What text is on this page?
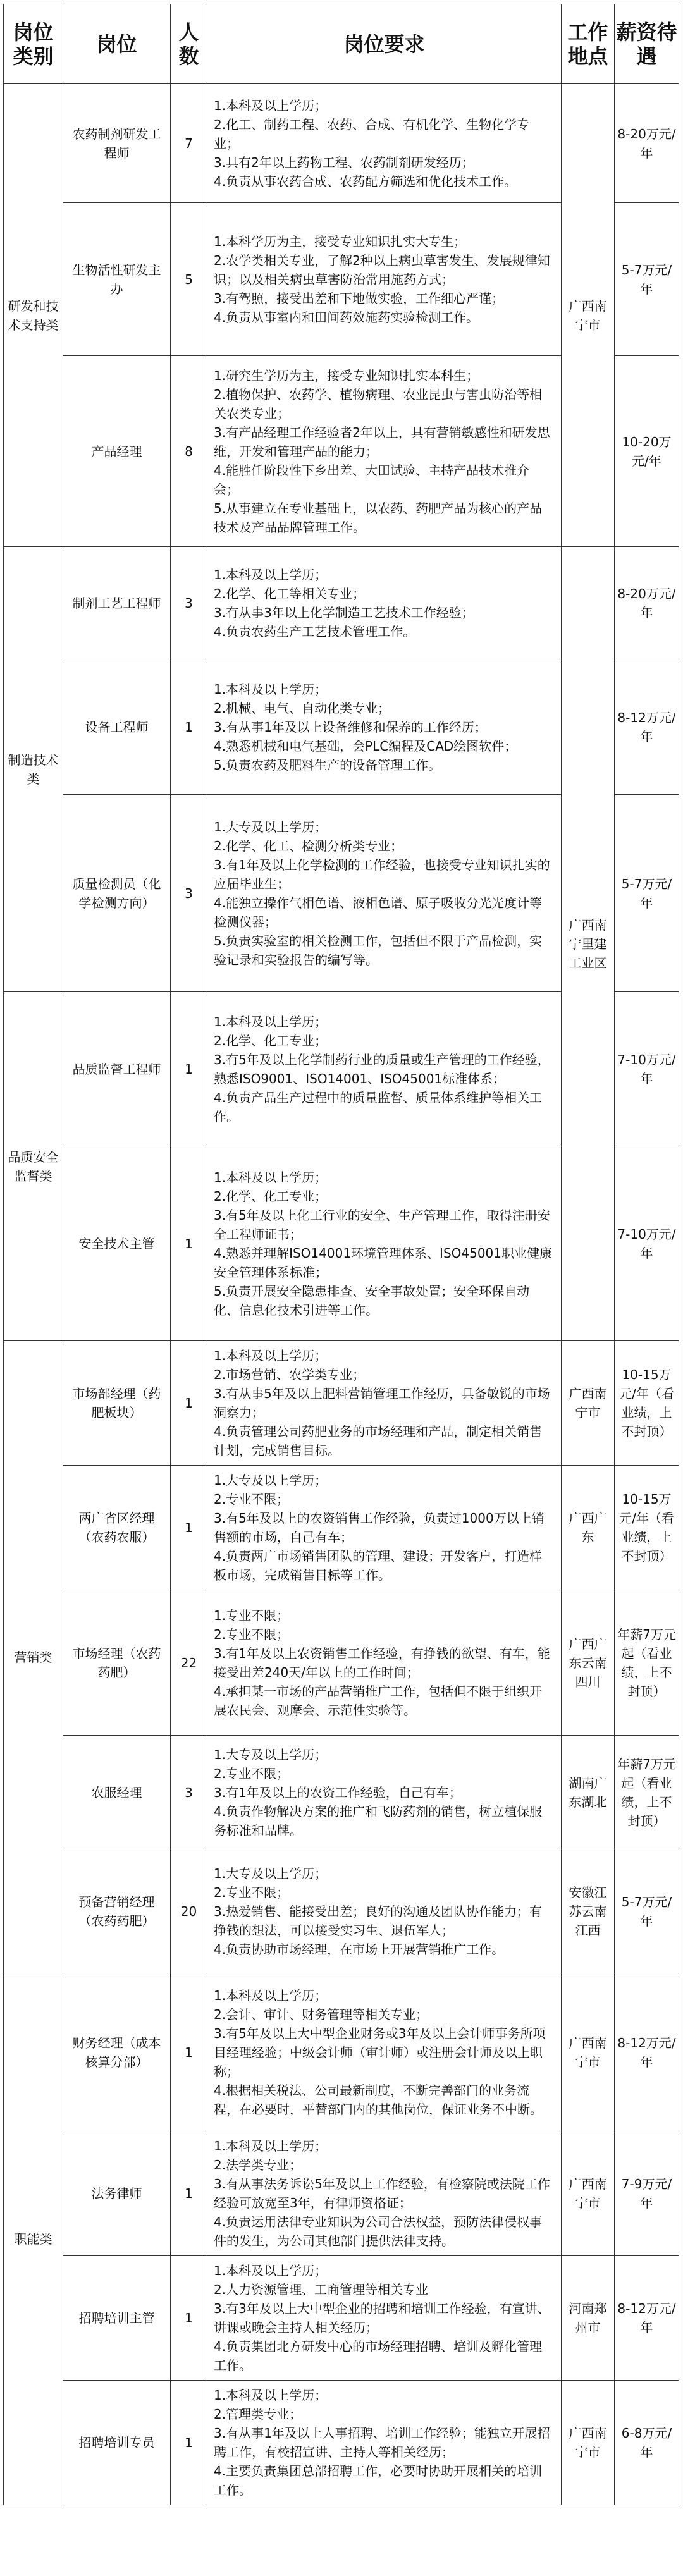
岗位类别	岗位	人数	岗位要求	工作地点	薪资待遇
研发和技术支持类	农药制剂研发工程师	7	1.本科及以上学历；
2.化工、制药工程、农药、合成、有机化学、生物化学专业；
3.具有2年以上药物工程、农药制剂研发经历；
4.负责从事农药合成、农药配方筛选和优化技术工作。	广西南宁市	8-20万元/年
	生物活性研发主办	5	1.本科学历为主，接受专业知识扎实大专生；
2.农学类相关专业，了解2种以上病虫草害发生、发展规律知识；以及相关病虫草害防治常用施药方式；
3.有驾照，接受出差和下地做实验，工作细心严谨；
4.负责从事室内和田间药效施药实验检测工作。		5-7万元/年
	产品经理	8	1.研究生学历为主，接受专业知识扎实本科生；
2.植物保护、农药学、植物病理、农业昆虫与害虫防治等相关农类专业；
3.有产品经理工作经验者2年以上，具有营销敏感性和研发思维，开发和管理产品的能力；
4.能胜任阶段性下乡出差、大田试验、主持产品技术推介会；
5.从事建立在专业基础上，以农药、药肥产品为核心的产品技术及产品品牌管理工作。		10-20万元/年
制造技术类	制剂工艺工程师	3	1.本科及以上学历；
2.化学、化工等相关专业；
3.有从事3年以上化学制造工艺技术工作经验；
4.负责农药生产工艺技术管理工作。	广西南宁里建工业区	8-20万元/年
	设备工程师	1	1.本科及以上学历；
2.机械、电气、自动化类专业；
3.有从事1年及以上设备维修和保养的工作经历；
4.熟悉机械和电气基础，会PLC编程及CAD绘图软件；
5.负责农药及肥料生产的设备管理工作。		8-12万元/年
	质量检测员（化学检测方向）	3	1.大专及以上学历；
2.化学、化工、检测分析类专业；
3.有1年及以上化学检测的工作经验，也接受专业知识扎实的应届毕业生；
4.能独立操作气相色谱、液相色谱、原子吸收分光光度计等检测仪器；
5.负责实验室的相关检测工作，包括但不限于产品检测，实验记录和实验报告的编写等。		5-7万元/年
品质安全监督类	品质监督工程师	1	1.本科及以上学历；
2.化学、化工专业；
3.有5年及以上化学制药行业的质量或生产管理的工作经验，熟悉ISO9001、ISO14001、ISO45001标准体系；
4.负责产品生产过程中的质量监督、质量体系维护等相关工作。		7-10万元/年
	安全技术主管	1	1.本科及以上学历；
2.化学、化工专业；
3.有5年及以上化工行业的安全、生产管理工作，取得注册安全工程师证书；
4.熟悉并理解ISO14001环境管理体系、ISO45001职业健康安全管理体系标准；
5.负责开展安全隐患排查、安全事故处置；安全环保自动化、信息化技术引进等工作。		7-10万元/年
营销类	市场部经理（药肥板块）	1	1.本科及以上学历；
2.市场营销、农学类专业；
3.有从事5年及以上肥料营销管理工作经历，具备敏锐的市场洞察力；
4.负责管理公司药肥业务的市场经理和产品，制定相关销售计划，完成销售目标。	广西南宁市	10-15万元/年（看业绩，上不封顶）
	两广省区经理（农药农服）	1	1.大专及以上学历；
2.专业不限；
3.有5年及以上的农资销售工作经验，负责过1000万以上销售额的市场，自己有车；
4.负责两广市场销售团队的管理、建设；开发客户，打造样板市场，完成销售目标等工作。	广西广东	10-15万元/年（看业绩，上不封顶）
	市场经理（农药药肥）	22	1.专业不限；
2.专业不限；
3.有1年及以上农资销售工作经验，有挣钱的欲望、有车，能接受出差240天/年以上的工作时间；
4.承担某一市场的产品营销推广工作，包括但不限于组织开展农民会、观摩会、示范性实验等。	广西广东云南四川	年薪7万元起（看业绩，上不封顶）
	农服经理	3	1.大专及以上学历；
2.专业不限；
3.有1年及以上的农资工作经验，自己有车；
4.负责作物解决方案的推广和飞防药剂的销售，树立植保服务标准和品牌。	湖南广东湖北	年薪7万元起（看业绩，上不封顶）
	预备营销经理（农药药肥）	20	1.大专及以上学历；
2.专业不限；
3.热爱销售、能接受出差；良好的沟通及团队协作能力；有挣钱的想法，可以接受实习生、退伍军人；
4.负责协助市场经理，在市场上开展营销推广工作。	安徽江苏云南江西	5-7万元/年
职能类	财务经理（成本核算分部）	1	1.本科及以上学历；
2.会计、审计、财务管理等相关专业；
3.有5年及以上大中型企业财务或3年及以上会计师事务所项目经理经验；中级会计师（审计师）或注册会计师及以上职称；
4.根据相关税法、公司最新制度，不断完善部门的业务流程，在必要时，平替部门内的其他岗位，保证业务不中断。	广西南宁市	8-12万元/年
	法务律师	1	1.本科及以上学历；
2.法学类专业；
3.有从事法务诉讼5年及以上工作经验，有检察院或法院工作经验可放宽至3年，有律师资格证；
4.负责运用法律专业知识为公司合法权益，预防法律侵权事件的发生，为公司其他部门提供法律支持。	广西南宁市	7-9万元/年
	招聘培训主管	1	1.本科及以上学历；
2.人力资源管理、工商管理等相关专业
3.有3年及以上大中型企业的招聘和培训工作经验，有宣讲、讲课或晚会主持人相关经历；
4.负责集团北方研发中心的市场经理招聘、培训及孵化管理工作。	河南郑州市	8-12万元/年
	招聘培训专员	1	1.本科及以上学历；
2.管理类专业；
3.有从事1年及以上人事招聘、培训工作经验；能独立开展招聘工作，有校招宣讲、主持人等相关经历；
4.主要负责集团总部招聘工作，必要时协助开展相关的培训工作。	广西南宁市	6-8万元/年
